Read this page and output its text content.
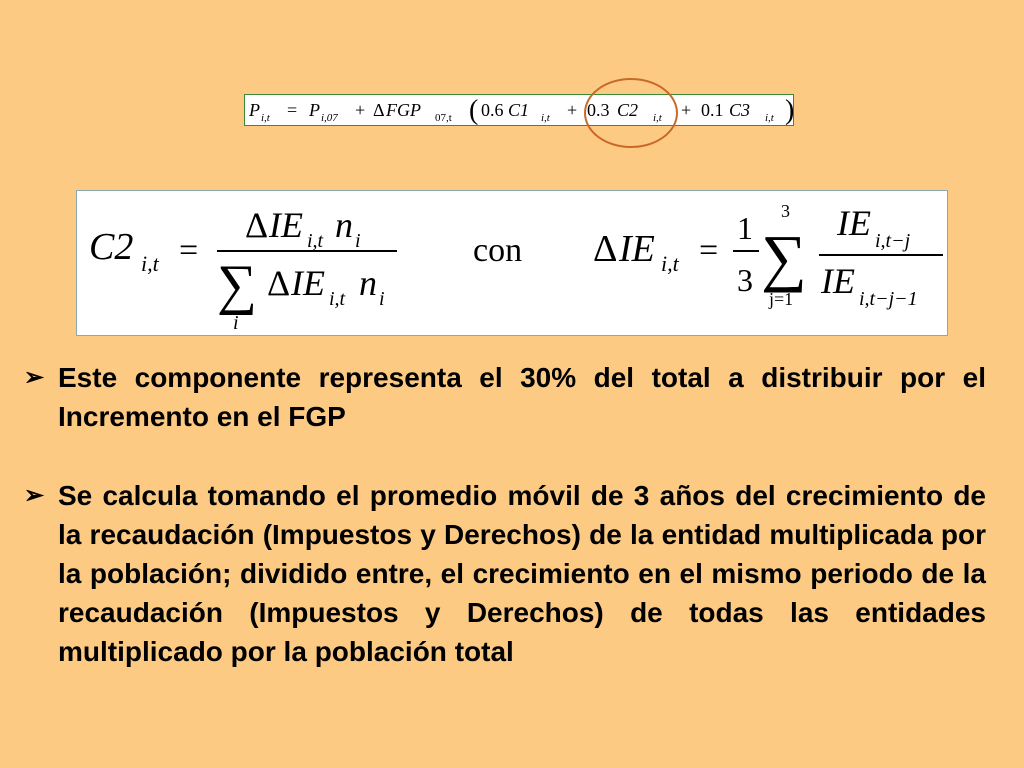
P i,t = P i,07 + Δ FGP 07,t ( 0.6 C1 i,t + 0.3 C2 i,t + 0.1 C3 i,t )
C2 i,t =
Δ IE i,t n i
∑
i
Δ IE i,t n i
con Δ IE i,t =
1
3
3
∑
j=1
IE i,t−j
IE i,t−j−1
➢ Este componente representa el 30% del total a distribuir por el Incremento en el FGP
➢ Se calcula tomando el promedio móvil de 3 años del crecimiento de la recaudación (Impuestos y Derechos) de la entidad multiplicada por la población; dividido entre, el crecimiento en el mismo periodo de la recaudación (Impuestos y Derechos) de todas las entidades multiplicado por la población total
